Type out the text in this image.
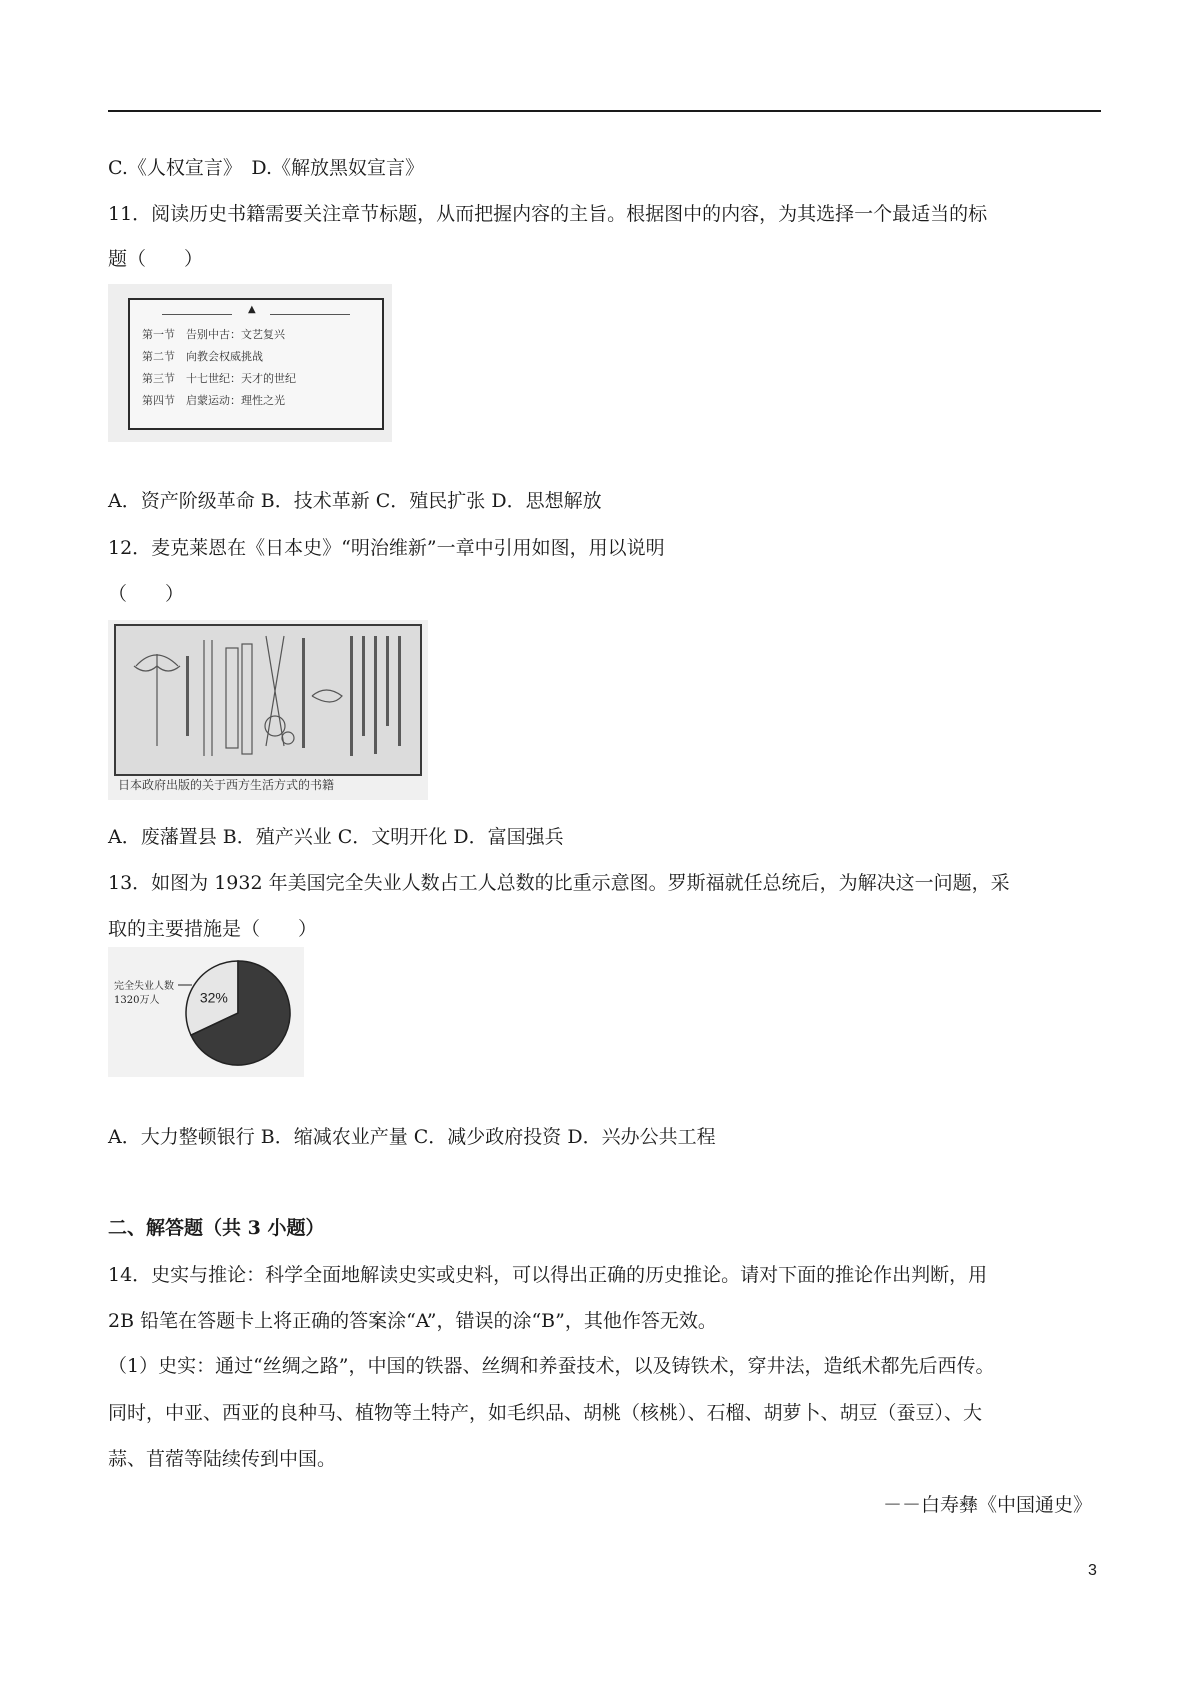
C.《人权宣言》　D.《解放黑奴宣言》
11．阅读历史书籍需要关注章节标题，从而把握内容的主旨。根据图中的内容，为其选择一个最适当的标
题（　　）
▲
第一节　告别中古：文艺复兴
第二节　向教会权威挑战
第三节　十七世纪：天才的世纪
第四节　启蒙运动：理性之光
A．资产阶级革命 B．技术革新 C．殖民扩张 D．思想解放
12．麦克莱恩在《日本史》“明治维新”一章中引用如图，用以说明
（　　）
日本政府出版的关于西方生活方式的书籍
A．废藩置县 B．殖产兴业 C．文明开化 D．富国强兵
13．如图为 1932 年美国完全失业人数占工人总数的比重示意图。罗斯福就任总统后，为解决这一问题，采
取的主要措施是（　　）
完全失业人数
1320万人	32%
A．大力整顿银行 B．缩减农业产量 C．减少政府投资 D．兴办公共工程
二、解答题（共 3 小题）
14．史实与推论：科学全面地解读史实或史料，可以得出正确的历史推论。请对下面的推论作出判断，用
2B 铅笔在答题卡上将正确的答案涂“A”，错误的涂“B”，其他作答无效。
（1）史实：通过“丝绸之路”，中国的铁器、丝绸和养蚕技术，以及铸铁术，穿井法，造纸术都先后西传。
同时，中亚、西亚的良种马、植物等土特产，如毛织品、胡桃（核桃）、石榴、胡萝卜、胡豆（蚕豆）、大
蒜、苜蓿等陆续传到中国。
－－白寿彝《中国通史》
3
